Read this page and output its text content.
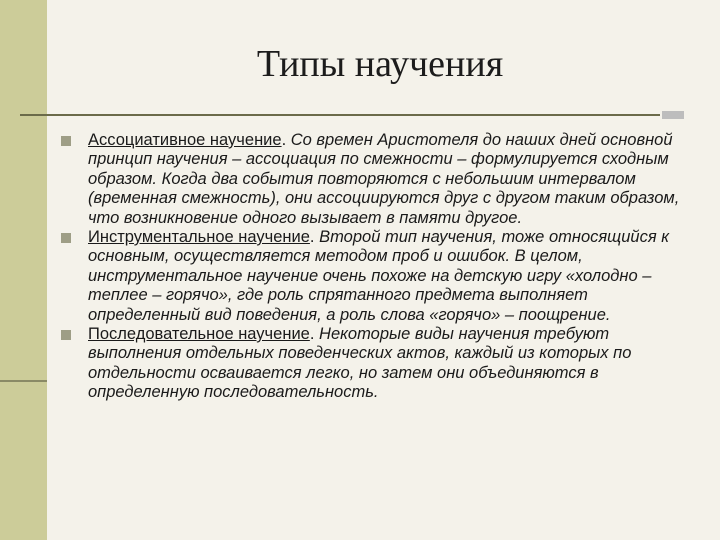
Типы научения
Ассоциативное научение. Со времен Аристотеля до наших дней основной принцип научения – ассоциация по смежности – формулируется сходным образом. Когда два события повторяются с небольшим интервалом (временная смежность), они ассоциируются друг с другом таким образом, что возникновение одного вызывает в памяти другое.
Инструментальное научение. Второй тип научения, тоже относящийся к основным, осуществляется методом проб и ошибок. В целом, инструментальное научение очень похоже на детскую игру «холодно – теплее – горячо», где роль спрятанного предмета выполняет определенный вид поведения, а роль слова «горячо» – поощрение.
Последовательное научение. Некоторые виды научения требуют выполнения отдельных поведенческих актов, каждый из которых по отдельности осваивается легко, но затем они объединяются в определенную последовательность.
